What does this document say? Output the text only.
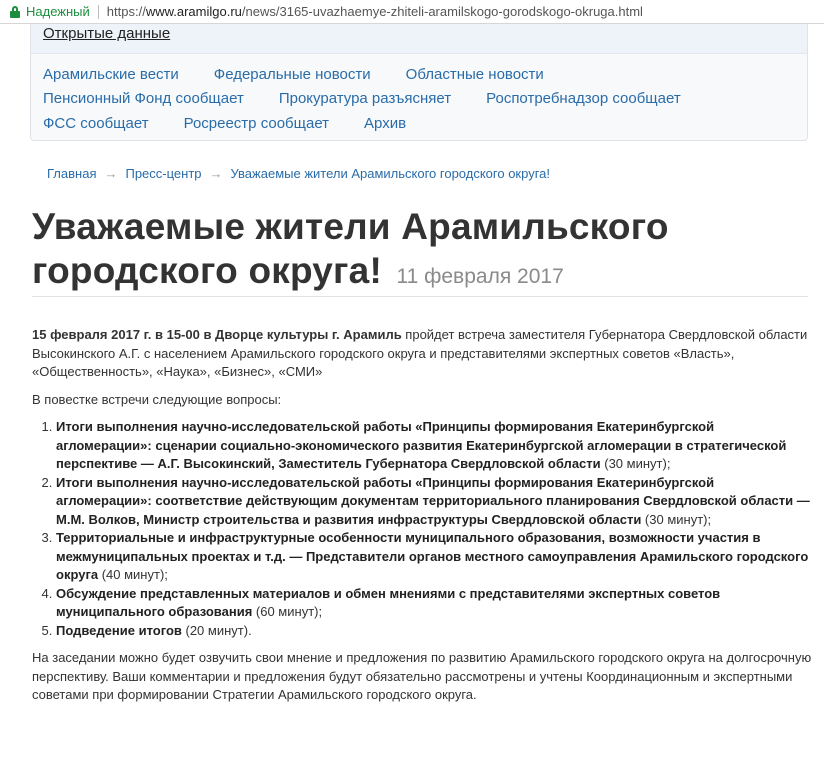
Надежный https://www.aramilgo.ru/news/3165-uvazhaemye-zhiteli-aramilskogo-gorodskogo-okruga.html
Открытые данные
Арамильские вести Федеральные новости Областные новости
Пенсионный Фонд сообщает Прокуратура разъясняет Роспотребнадзор сообщает
ФСС сообщает Росреестр сообщает Архив
Главная → Пресс-центр → Уважаемые жители Арамильского городского округа!
Уважаемые жители Арамильского
городского округа! 11 февраля 2017

15 февраля 2017 г. в 15-00 в Дворце культуры г. Арамиль пройдет встреча заместителя Губернатора Свердловской области Высокинского А.Г. с населением Арамильского городского округа и представителями экспертных советов «Власть», «Общественность», «Наука», «Бизнес», «СМИ»

В повестке встречи следующие вопросы:

1. Итоги выполнения научно-исследовательской работы «Принципы формирования Екатеринбургской агломерации»: сценарии социально-экономического развития Екатеринбургской агломерации в стратегической перспективе — А.Г. Высокинский, Заместитель Губернатора Свердловской области (30 минут);
2. Итоги выполнения научно-исследовательской работы «Принципы формирования Екатеринбургской агломерации»: соответствие действующим документам территориального планирования Свердловской области — М.М. Волков, Министр строительства и развития инфраструктуры Свердловской области (30 минут);
3. Территориальные и инфраструктурные особенности муниципального образования, возможности участия в межмуниципальных проектах и т.д. — Представители органов местного самоуправления Арамильского городского округа (40 минут);
4. Обсуждение представленных материалов и обмен мнениями с представителями экспертных советов муниципального образования (60 минут);
5. Подведение итогов (20 минут).

На заседании можно будет озвучить свои мнение и предложения по развитию Арамильского городского округа на долгосрочную перспективу. Ваши комментарии и предложения будут обязательно рассмотрены и учтены Координационным и экспертными советами при формировании Стратегии Арамильского городского округа.
